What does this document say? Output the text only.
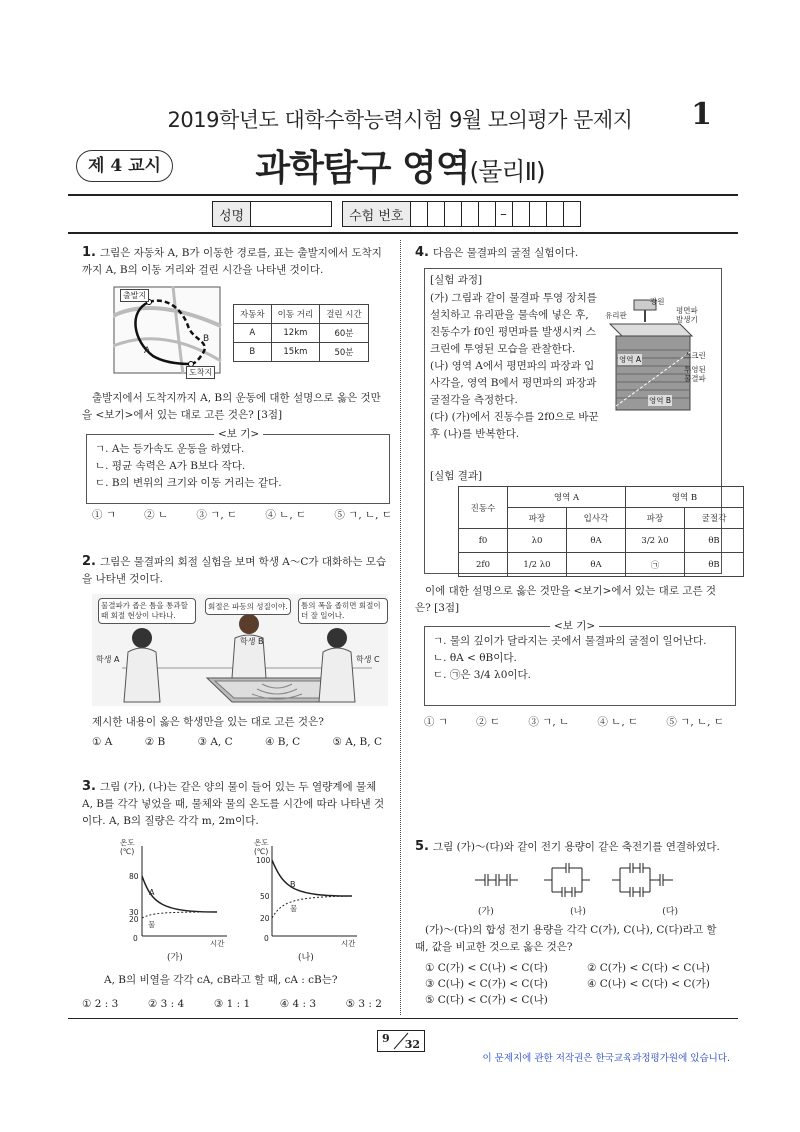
2019학년도 대학수학능력시험 9월 모의평가 문제지	1
제 4 교시	과학탐구 영역(물리Ⅱ)
성명			수험 번호						–				
1. 그림은 자동차 A, B가 이동한 경로를, 표는 출발지에서 도착지까지 A, B의 이동 거리와 걸린 시간을 나타낸 것이다.
출발지
도착지
A
B
자동차	이동 거리	걸린 시간
A	12km	60분
B	15km	50분
출발지에서 도착지까지 A, B의 운동에 대한 설명으로 옳은 것만을 <보기>에서 있는 대로 고른 것은? [3점]
ㄱ. A는 등가속도 운동을 하였다.
ㄴ. 평균 속력은 A가 B보다 작다.
ㄷ. B의 변위의 크기와 이동 거리는 같다.
<보 기>
① ㄱ	② ㄴ	③ ㄱ, ㄷ	④ ㄴ, ㄷ	⑤ ㄱ, ㄴ, ㄷ
2. 그림은 물결파의 회절 실험을 보며 학생 A～C가 대화하는 모습을 나타낸 것이다.
물결파가 좁은 틈을 통과할 때 회절 현상이 나타나.
회절은 파동의 성질이야.	틈의 폭을 좁히면 회절이 더 잘 일어나.
학생 A
학생 B
학생 C
제시한 내용이 옳은 학생만을 있는 대로 고른 것은?
① A	② B	③ A, C	④ B, C	⑤ A, B, C
3. 그림 (가), (나)는 같은 양의 물이 들어 있는 두 열량계에 물체 A, B를 각각 넣었을 때, 물체와 물의 온도를 시간에 따라 나타낸 것이다. A, B의 질량은 각각 m, 2m이다.
온도
(℃)
80
30
20
0
A
물
시간
(가)
온도
(℃)
100
50
20
0
B
물
시간
(나)
A, B의 비열을 각각 cA, cB라고 할 때, cA : cB는?
① 2 : 3	② 3 : 4	③ 1 : 1	④ 4 : 3	⑤ 3 : 2
4. 다음은 물결파의 굴절 실험이다.
[실험 과정]
(가) 그림과 같이 물결파 투영 장치를 설치하고 유리판을 물속에 넣은 후, 진동수가 f0인 평면파를 발생시켜 스크린에 투영된 모습을 관찰한다.
(나) 영역 A에서 평면파의 파장과 입사각을, 영역 B에서 평면파의 파장과 굴절각을 측정한다.
(다) (가)에서 진동수를 2f0으로 바꾼 후 (나)를 반복한다.
광원
유리판
평면파
발생기
스크린
투영된
물결파
영역 A
영역 B
[실험 결과]
진동수	영역 A		영역 B	
	파장	입사각	파장	굴절각
f0	λ0	θA	3/2 λ0	θB
2f0	1/2 λ0	θA	㉠	θB
이에 대한 설명으로 옳은 것만을 <보기>에서 있는 대로 고른 것은? [3점]
ㄱ. 물의 깊이가 달라지는 곳에서 물결파의 굴절이 일어난다.
ㄴ. θA < θB이다.
ㄷ. ㉠은 3/4 λ0이다.
<보 기>
① ㄱ	② ㄷ	③ ㄱ, ㄴ	④ ㄴ, ㄷ	⑤ ㄱ, ㄴ, ㄷ
5. 그림 (가)～(다)와 같이 전기 용량이 같은 축전기를 연결하였다.
(가)	(나)	(다)
(가)～(다)의 합성 전기 용량을 각각 C(가), C(나), C(다)라고 할 때, 값을 비교한 것으로 옳은 것은?
① C(가) < C(나) < C(다)	② C(가) < C(다) < C(나)
③ C(나) < C(가) < C(다)	④ C(나) < C(다) < C(가)
⑤ C(다) < C(가) < C(나)
9 32
이 문제지에 관한 저작권은 한국교육과정평가원에 있습니다.
